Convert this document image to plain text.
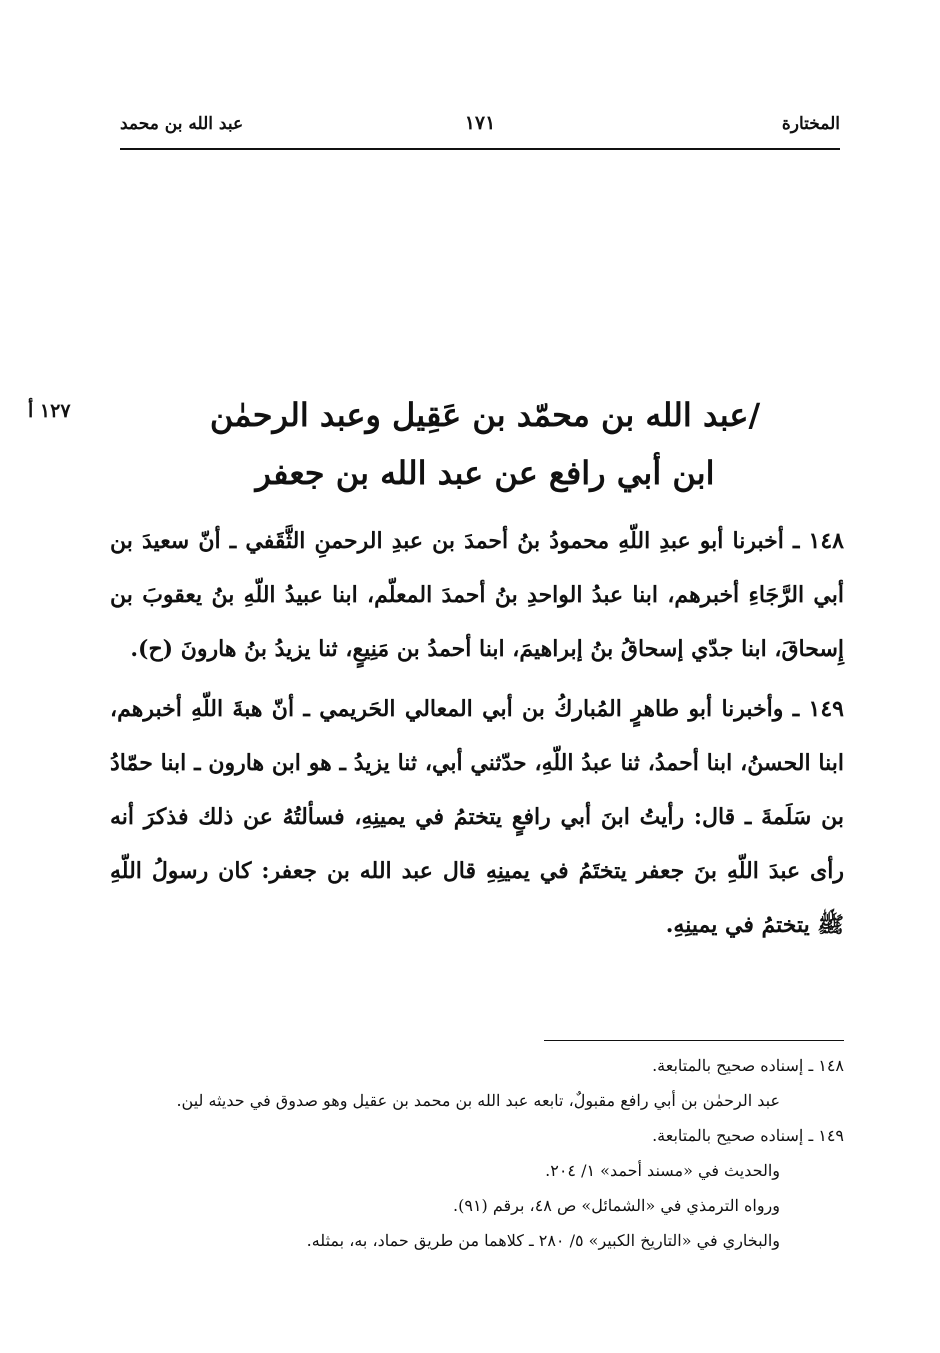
المختارة
١٧١
عبد الله بن محمد
١٢٧ أ	/عبد الله بن محمّد بن عَقِيل وعبد الرحمٰن
ابن أبي رافع عن عبد الله بن جعفر

١٤٨ ـ أخبرنا أبو عبدِ اللّهِ محمودُ بنُ أحمدَ بن عبدِ الرحمنِ الثَّقَفي ـ أنّ سعيدَ بن أبي الرَّجَاءِ أخبرهم، ابنا عبدُ الواحدِ بنُ أحمدَ المعلّم، ابنا عبيدُ اللّهِ بنُ يعقوبَ بن إِسحاقَ، ابنا جدّي إسحاقُ بنُ إبراهيمَ، ابنا أحمدُ بن مَنِيعٍ، ثنا يزيدُ بنُ هارونَ (ح).

١٤٩ ـ وأخبرنا أبو طاهرٍ المُباركُ بن أبي المعالي الحَريمي ـ أنّ هبةَ اللّهِ أخبرهم، ابنا الحسنُ، ابنا أحمدُ، ثنا عبدُ اللّهِ، حدّثني أبي، ثنا يزيدُ ـ هو ابن هارون ـ ابنا حمّادُ بن سَلَمةَ ـ قال: رأيتُ ابنَ أبي رافعٍ يتختمُ في يمينِهِ، فسألتُهُ عن ذلك فذكرَ أنه رأى عبدَ اللّهِ بنَ جعفر يتختَمُ في يمينِهِ قال عبد الله بن جعفر: كان رسولُ اللّهِ ﷺ يتختمُ في يمينِهِ.

١٤٨ ـ إسناده صحيح بالمتابعة.

عبد الرحمٰن بن أبي رافع مقبولٌ، تابعه عبد الله بن محمد بن عقيل وهو صدوق في حديثه لين.

١٤٩ ـ إسناده صحيح بالمتابعة.

والحديث في «مسند أحمد» ١/ ٢٠٤.

ورواه الترمذي في «الشمائل» ص ٤٨، برقم (٩١).

والبخاري في «التاريخ الكبير» ٥/ ٢٨٠ ـ كلاهما من طريق حماد، به، بمثله.
